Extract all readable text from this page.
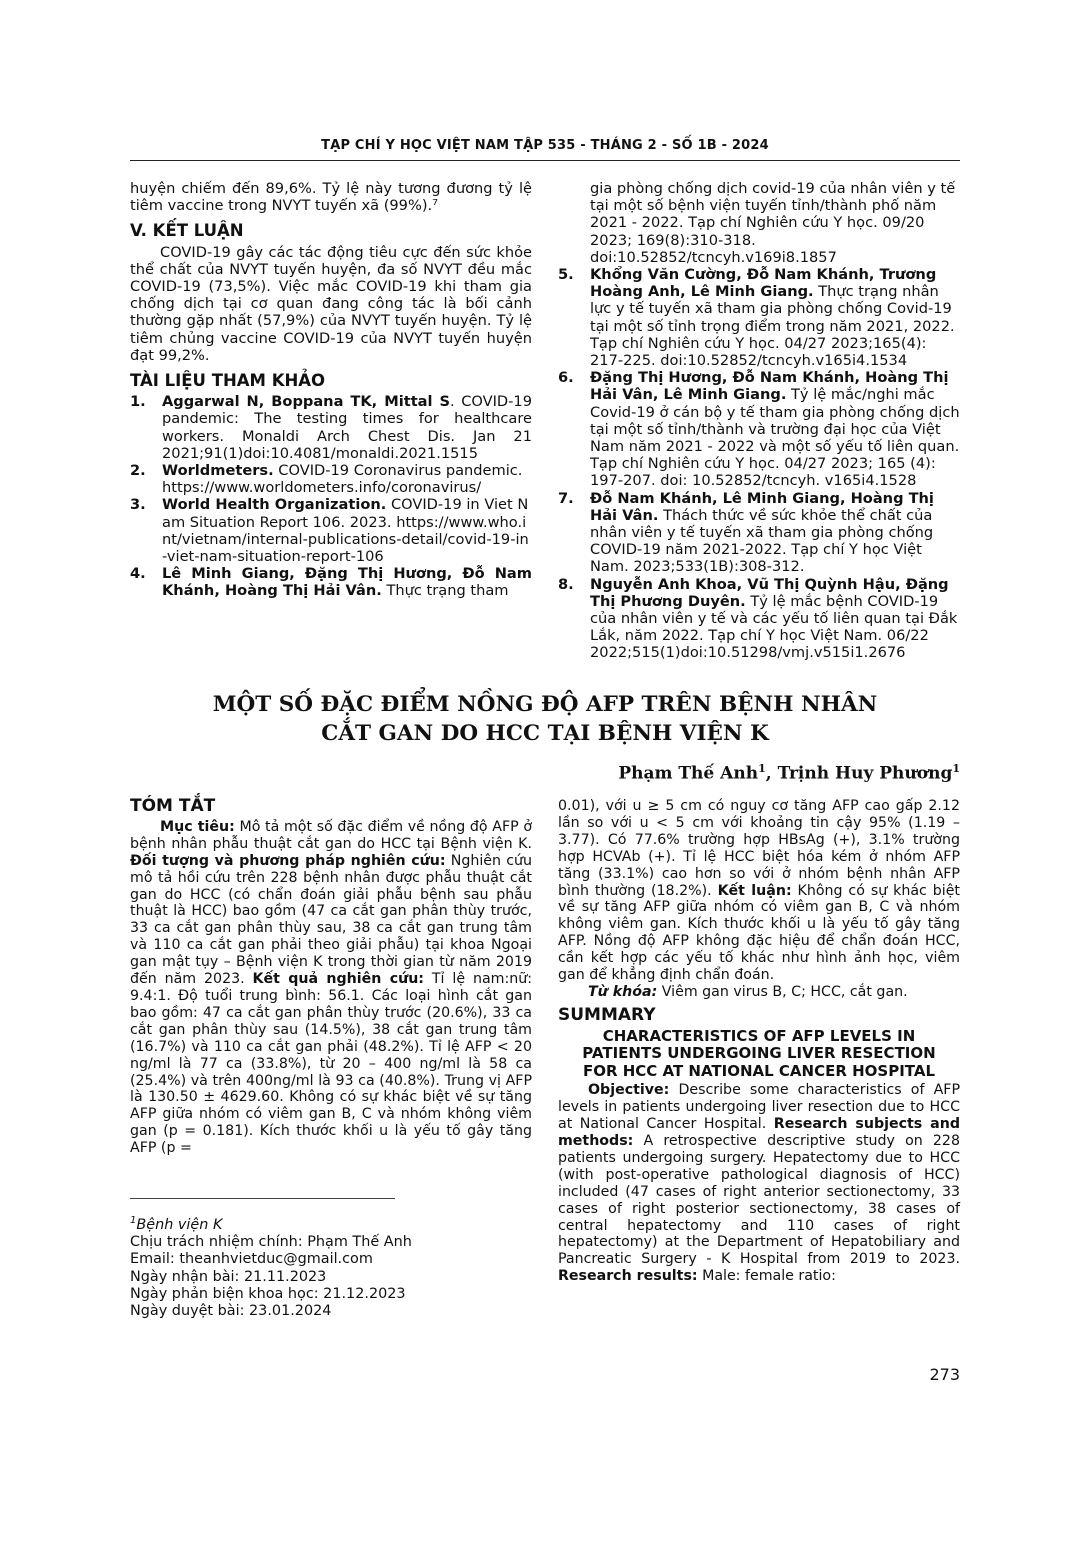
TẠP CHÍ Y HỌC VIỆT NAM TẬP 535 - THÁNG 2 - SỐ 1B - 2024

huyện chiếm đến 89,6%. Tỷ lệ này tương đương tỷ lệ tiêm vaccine trong NVYT tuyến xã (99%).⁷

V. KẾT LUẬN

COVID-19 gây các tác động tiêu cực đến sức khỏe thể chất của NVYT tuyến huyện, đa số NVYT đều mắc COVID-19 (73,5%). Việc mắc COVID-19 khi tham gia chống dịch tại cơ quan đang công tác là bối cảnh thường gặp nhất (57,9%) của NVYT tuyến huyện. Tỷ lệ tiêm chủng vaccine COVID-19 của NVYT tuyến huyện đạt 99,2%.

TÀI LIỆU THAM KHẢO

1.	Aggarwal N, Boppana TK, Mittal S. COVID-19 pandemic: The testing times for healthcare workers. Monaldi Arch Chest Dis. Jan 21 2021;91(1)doi:10.4081/monaldi.2021.1515
2.	Worldmeters. COVID-19 Coronavirus pandemic. https://www.worldometers.info/coronavirus/
3.	World Health Organization. COVID-19 in Viet Nam Situation Report 106. 2023. https://www.who.int/vietnam/internal-publications-detail/covid-19-in-viet-nam-situation-report-106
4.	Lê Minh Giang, Đặng Thị Hương, Đỗ Nam Khánh, Hoàng Thị Hải Vân. Thực trạng tham

gia phòng chống dịch covid-19 của nhân viên y tế tại một số bệnh viện tuyến tỉnh/thành phố năm 2021 - 2022. Tạp chí Nghiên cứu Y học. 09/20 2023; 169(8):310-318. doi:10.52852/tcncyh.v169i8.1857

5.	Khổng Văn Cường, Đỗ Nam Khánh, Trương Hoàng Anh, Lê Minh Giang. Thực trạng nhân lực y tế tuyến xã tham gia phòng chống Covid-19 tại một số tỉnh trọng điểm trong năm 2021, 2022. Tạp chí Nghiên cứu Y học. 04/27 2023;165(4): 217-225. doi:10.52852/tcncyh.v165i4.1534
6.	Đặng Thị Hương, Đỗ Nam Khánh, Hoàng Thị Hải Vân, Lê Minh Giang. Tỷ lệ mắc/nghi mắc Covid-19 ở cán bộ y tế tham gia phòng chống dịch tại một số tỉnh/thành và trường đại học của Việt Nam năm 2021 - 2022 và một số yếu tố liên quan. Tạp chí Nghiên cứu Y học. 04/27 2023; 165 (4): 197-207. doi: 10.52852/tcncyh. v165i4.1528
7.	Đỗ Nam Khánh, Lê Minh Giang, Hoàng Thị Hải Vân. Thách thức về sức khỏe thể chất của nhân viên y tế tuyến xã tham gia phòng chống COVID-19 năm 2021-2022. Tạp chí Y học Việt Nam. 2023;533(1B):308-312.
8.	Nguyễn Anh Khoa, Vũ Thị Quỳnh Hậu, Đặng Thị Phương Duyên. Tỷ lệ mắc bệnh COVID-19 của nhân viên y tế và các yếu tố liên quan tại Đắk Lắk, năm 2022. Tạp chí Y học Việt Nam. 06/22 2022;515(1)doi:10.51298/vmj.v515i1.2676
MỘT SỐ ĐẶC ĐIỂM NỒNG ĐỘ AFP TRÊN BỆNH NHÂN
CẮT GAN DO HCC TẠI BỆNH VIỆN K
Phạm Thế Anh$^1$, Trịnh Huy Phương$^1$

TÓM TẮT

Mục tiêu: Mô tả một số đặc điểm về nồng độ AFP ở bệnh nhân phẫu thuật cắt gan do HCC tại Bệnh viện K. Đối tượng và phương pháp nghiên cứu: Nghiên cứu mô tả hồi cứu trên 228 bệnh nhân được phẫu thuật cắt gan do HCC (có chẩn đoán giải phẫu bệnh sau phẫu thuật là HCC) bao gồm (47 ca cắt gan phân thùy trước, 33 ca cắt gan phân thùy sau, 38 ca cắt gan trung tâm và 110 ca cắt gan phải theo giải phẫu) tại khoa Ngoại gan mật tụy – Bệnh viện K trong thời gian từ năm 2019 đến năm 2023. Kết quả nghiên cứu: Tỉ lệ nam:nữ: 9.4:1. Độ tuổi trung bình: 56.1. Các loại hình cắt gan bao gồm: 47 ca cắt gan phân thùy trước (20.6%), 33 ca cắt gan phân thùy sau (14.5%), 38 cắt gan trung tâm (16.7%) và 110 ca cắt gan phải (48.2%). Tỉ lệ AFP < 20 ng/ml là 77 ca (33.8%), từ 20 – 400 ng/ml là 58 ca (25.4%) và trên 400ng/ml là 93 ca (40.8%). Trung vị AFP là 130.50 ± 4629.60. Không có sự khác biệt về sự tăng AFP giữa nhóm có viêm gan B, C và nhóm không viêm gan (p = 0.181). Kích thước khối u là yếu tố gây tăng AFP (p =

0.01), với u ≥ 5 cm có nguy cơ tăng AFP cao gấp 2.12 lần so với u < 5 cm với khoảng tin cậy 95% (1.19 – 3.77). Có 77.6% trường hợp HBsAg (+), 3.1% trường hợp HCVAb (+). Tỉ lệ HCC biệt hóa kém ở nhóm AFP tăng (33.1%) cao hơn so với ở nhóm bệnh nhân AFP bình thường (18.2%). Kết luận: Không có sự khác biệt về sự tăng AFP giữa nhóm có viêm gan B, C và nhóm không viêm gan. Kích thước khối u là yếu tố gây tăng AFP. Nồng độ AFP không đặc hiệu để chẩn đoán HCC, cần kết hợp các yếu tố khác như hình ảnh học, viêm gan để khẳng định chẩn đoán.

Từ khóa: Viêm gan virus B, C; HCC, cắt gan.

SUMMARY

CHARACTERISTICS OF AFP LEVELS IN
PATIENTS UNDERGOING LIVER RESECTION
FOR HCC AT NATIONAL CANCER HOSPITAL

Objective: Describe some characteristics of AFP levels in patients undergoing liver resection due to HCC at National Cancer Hospital. Research subjects and methods: A retrospective descriptive study on 228 patients undergoing surgery. Hepatectomy due to HCC (with post-operative pathological diagnosis of HCC) included (47 cases of right anterior sectionectomy, 33 cases of right posterior sectionectomy, 38 cases of central hepatectomy and 110 cases of right hepatectomy) at the Department of Hepatobiliary and Pancreatic Surgery - K Hospital from 2019 to 2023. Research results: Male: female ratio:

$^1$Bệnh viện K
Chịu trách nhiệm chính: Phạm Thế Anh
Email: theanhvietduc@gmail.com
Ngày nhận bài: 21.11.2023
Ngày phản biện khoa học: 21.12.2023
Ngày duyệt bài: 23.01.2024
273
